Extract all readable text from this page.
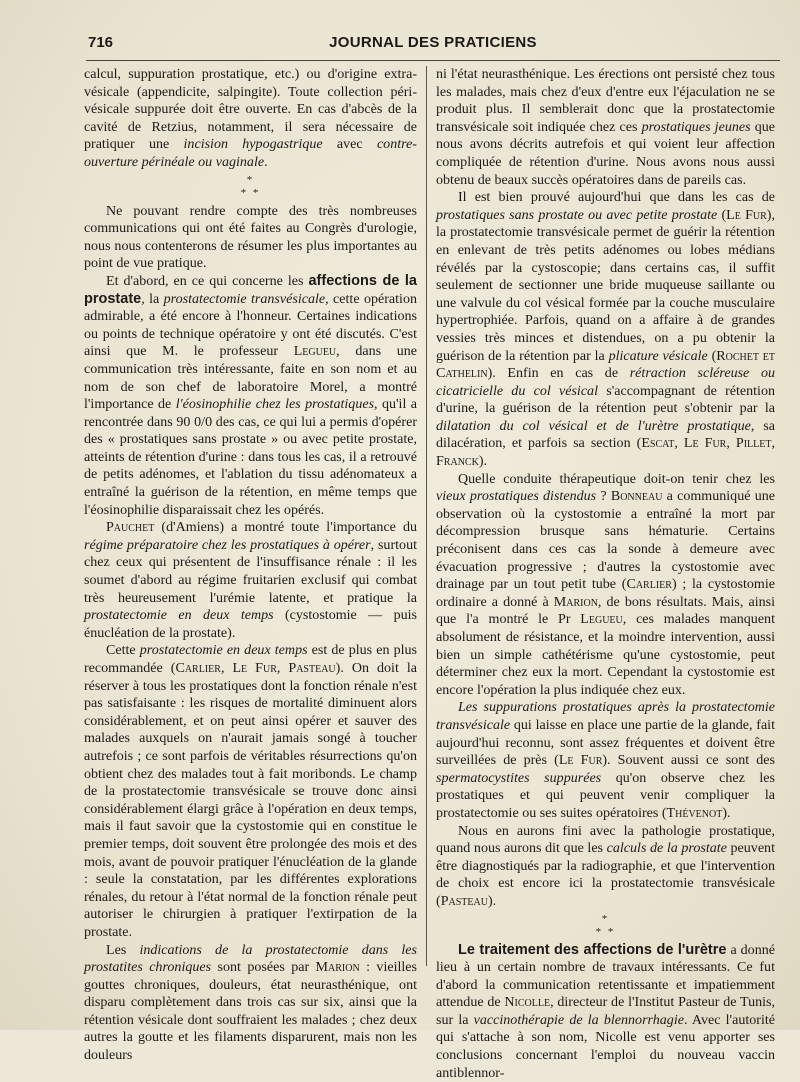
716	JOURNAL DES PRATICIENS

calcul, suppuration prostatique, etc.) ou d'origine extra-vésicale (appendicite, salpingite). Toute collection péri-vésicale suppurée doit être ouverte. En cas d'abcès de la cavité de Retzius, notamment, il sera nécessaire de pratiquer une incision hypogastrique avec contre-ouverture périnéale ou vaginale.

*
* *

Ne pouvant rendre compte des très nombreuses communications qui ont été faites au Congrès d'urologie, nous nous contenterons de résumer les plus importantes au point de vue pratique.

Et d'abord, en ce qui concerne les affections de la prostate, la prostatectomie transvésicale, cette opération admirable, a été encore à l'honneur. Certaines indications ou points de technique opératoire y ont été discutés. C'est ainsi que M. le professeur Legueu, dans une communication très intéressante, faite en son nom et au nom de son chef de laboratoire Morel, a montré l'importance de l'éosinophilie chez les prostatiques, qu'il a rencontrée dans 90 0/0 des cas, ce qui lui a permis d'opérer des « prostatiques sans prostate » ou avec petite prostate, atteints de rétention d'urine : dans tous les cas, il a retrouvé de petits adénomes, et l'ablation du tissu adénomateux a entraîné la guérison de la rétention, en même temps que l'éosinophilie disparaissait chez les opérés.

Pauchet (d'Amiens) a montré toute l'importance du régime préparatoire chez les prostatiques à opérer, surtout chez ceux qui présentent de l'insuffisance rénale : il les soumet d'abord au régime fruitarien exclusif qui combat très heureusement l'urémie latente, et pratique la prostatectomie en deux temps (cystostomie — puis énucléation de la prostate).

Cette prostatectomie en deux temps est de plus en plus recommandée (Carlier, Le Fur, Pasteau). On doit la réserver à tous les prostatiques dont la fonction rénale n'est pas satisfaisante : les risques de mortalité diminuent alors considérablement, et on peut ainsi opérer et sauver des malades auxquels on n'aurait jamais songé à toucher autrefois ; ce sont parfois de véritables résurrections qu'on obtient chez des malades tout à fait moribonds. Le champ de la prostatectomie transvésicale se trouve donc ainsi considérablement élargi grâce à l'opération en deux temps, mais il faut savoir que la cystostomie qui en constitue le premier temps, doit souvent être prolongée des mois et des mois, avant de pouvoir pratiquer l'énucléation de la glande : seule la constatation, par les différentes explorations rénales, du retour à l'état normal de la fonction rénale peut autoriser le chirurgien à pratiquer l'extirpation de la prostate.

Les indications de la prostatectomie dans les prostatites chroniques sont posées par Marion : vieilles gouttes chroniques, douleurs, état neurasthénique, ont disparu complètement dans trois cas sur six, ainsi que la rétention vésicale dont souffraient les malades ; chez deux autres la goutte et les filaments disparurent, mais non les douleurs

ni l'état neurasthénique. Les érections ont persisté chez tous les malades, mais chez d'eux d'entre eux l'éjaculation ne se produit plus. Il semblerait donc que la prostatectomie transvésicale soit indiquée chez ces prostatiques jeunes que nous avons décrits autrefois et qui voient leur affection compliquée de rétention d'urine. Nous avons nous aussi obtenu de beaux succès opératoires dans de pareils cas.

Il est bien prouvé aujourd'hui que dans les cas de prostatiques sans prostate ou avec petite prostate (Le Fur), la prostatectomie transvésicale permet de guérir la rétention en enlevant de très petits adénomes ou lobes médians révélés par la cystoscopie; dans certains cas, il suffit seulement de sectionner une bride muqueuse saillante ou une valvule du col vésical formée par la couche musculaire hypertrophiée. Parfois, quand on a affaire à de grandes vessies très minces et distendues, on a pu obtenir la guérison de la rétention par la plicature vésicale (Rochet et Cathelin). Enfin en cas de rétraction scléreuse ou cicatricielle du col vésical s'accompagnant de rétention d'urine, la guérison de la rétention peut s'obtenir par la dilatation du col vésical et de l'urètre prostatique, sa dilacération, et parfois sa section (Escat, Le Fur, Pillet, Franck).

Quelle conduite thérapeutique doit-on tenir chez les vieux prostatiques distendus ? Bonneau a communiqué une observation où la cystostomie a entraîné la mort par décompression brusque sans hématurie. Certains préconisent dans ces cas la sonde à demeure avec évacuation progressive ; d'autres la cystostomie avec drainage par un tout petit tube (Carlier) ; la cystostomie ordinaire a donné à Marion, de bons résultats. Mais, ainsi que l'a montré le Pr Legueu, ces malades manquent absolument de résistance, et la moindre intervention, aussi bien un simple cathétérisme qu'une cystostomie, peut déterminer chez eux la mort. Cependant la cystostomie est encore l'opération la plus indiquée chez eux.

Les suppurations prostatiques après la prostatectomie transvésicale qui laisse en place une partie de la glande, fait aujourd'hui reconnu, sont assez fréquentes et doivent être surveillées de près (Le Fur). Souvent aussi ce sont des spermatocystites suppurées qu'on observe chez les prostatiques et qui peuvent venir compliquer la prostatectomie ou ses suites opératoires (Thévenot).

Nous en aurons fini avec la pathologie prostatique, quand nous aurons dit que les calculs de la prostate peuvent être diagnostiqués par la radiographie, et que l'intervention de choix est encore ici la prostatectomie transvésicale (Pasteau).

*
* *

Le traitement des affections de l'urètre a donné lieu à un certain nombre de travaux intéressants. Ce fut d'abord la communication retentissante et impatiemment attendue de Nicolle, directeur de l'Institut Pasteur de Tunis, sur la vaccinothérapie de la blennorrhagie. Avec l'autorité qui s'attache à son nom, Nicolle est venu apporter ses conclusions concernant l'emploi du nouveau vaccin antiblennor-
